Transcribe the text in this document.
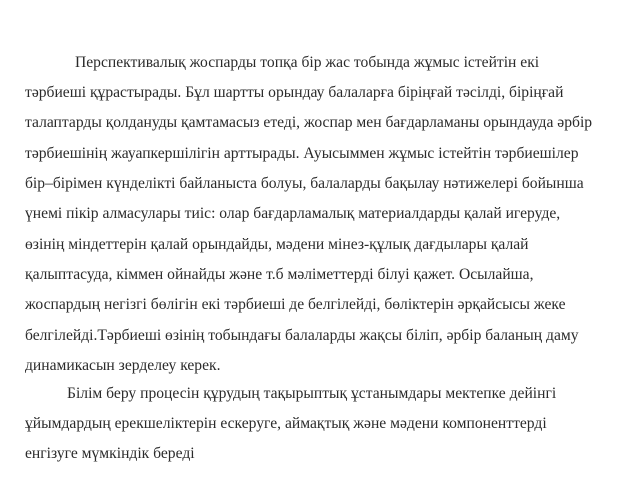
Перспективалық жоспарды топқа бір жас тобында жұмыс істейтін екі
тәрбиеші құрастырады. Бұл шартты орындау балаларға біріңғай тәсілді, біріңғай
талаптарды қолдануды қамтамасыз етеді, жоспар мен бағдарламаны орындауда әрбір
тәрбиешінің жауапкершілігін арттырады. Ауысыммен жұмыс істейтін тәрбиешілер
бір–бірімен күнделікті байланыста болуы, балаларды бақылау нәтижелері бойынша
үнемі пікір алмасулары тиіс: олар бағдарламалық материалдарды қалай игеруде,
өзінің міндеттерін қалай орындайды, мәдени мінез-құлық дағдылары қалай
қалыптасуда, кіммен ойнайды және т.б мәліметтерді білуі қажет. Осылайша,
жоспардың негізгі бөлігін екі тәрбиеші де белгілейді, бөліктерін әрқайсысы жеке
белгілейді.Тәрбиеші өзінің тобындағы балаларды жақсы біліп, әрбір баланың даму
динамикасын зерделеу керек.
Білім беру процесін құрудың тақырыптық ұстанымдары мектепке дейінгі
ұйымдардың ерекшеліктерін ескеруге, аймақтық және мәдени компоненттерді
енгізуге мүмкіндік береді
